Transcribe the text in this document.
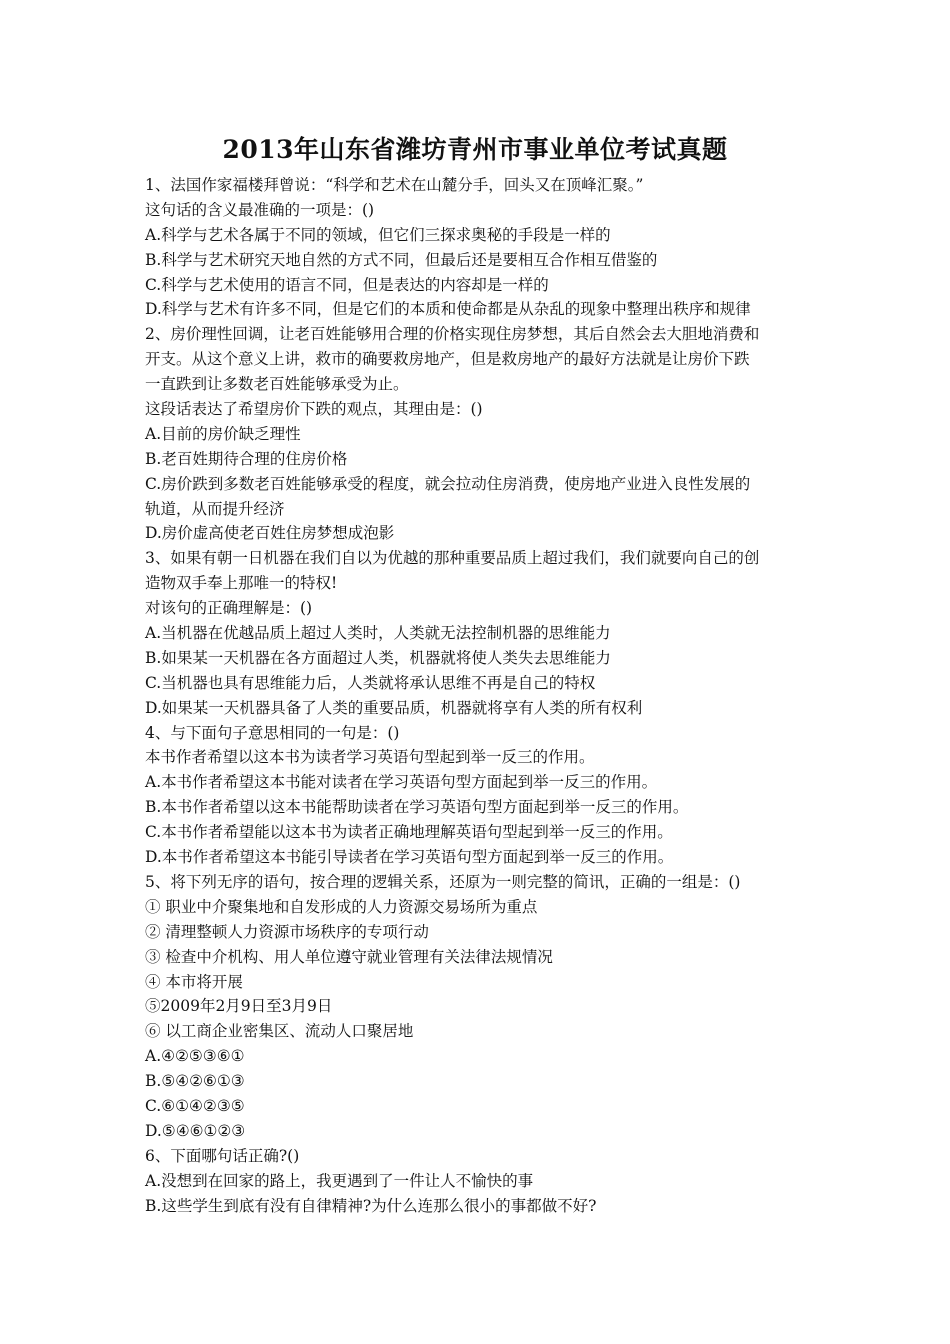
2013年山东省潍坊青州市事业单位考试真题
1、法国作家福楼拜曾说：“科学和艺术在山麓分手，回头又在顶峰汇聚。”
这句话的含义最准确的一项是：()
A.科学与艺术各属于不同的领域，但它们三探求奥秘的手段是一样的
B.科学与艺术研究天地自然的方式不同，但最后还是要相互合作相互借鉴的
C.科学与艺术使用的语言不同，但是表达的内容却是一样的
D.科学与艺术有许多不同，但是它们的本质和使命都是从杂乱的现象中整理出秩序和规律
2、房价理性回调，让老百姓能够用合理的价格实现住房梦想，其后自然会去大胆地消费和
开支。从这个意义上讲，救市的确要救房地产，但是救房地产的最好方法就是让房价下跌
一直跌到让多数老百姓能够承受为止。
这段话表达了希望房价下跌的观点，其理由是：()
A.目前的房价缺乏理性
B.老百姓期待合理的住房价格
C.房价跌到多数老百姓能够承受的程度，就会拉动住房消费，使房地产业进入良性发展的
轨道，从而提升经济
D.房价虚高使老百姓住房梦想成泡影
3、如果有朝一日机器在我们自以为优越的那种重要品质上超过我们，我们就要向自己的创
造物双手奉上那唯一的特权!
对该句的正确理解是：()
A.当机器在优越品质上超过人类时，人类就无法控制机器的思维能力
B.如果某一天机器在各方面超过人类，机器就将使人类失去思维能力
C.当机器也具有思维能力后，人类就将承认思维不再是自己的特权
D.如果某一天机器具备了人类的重要品质，机器就将享有人类的所有权利
4、与下面句子意思相同的一句是：()
本书作者希望以这本书为读者学习英语句型起到举一反三的作用。
A.本书作者希望这本书能对读者在学习英语句型方面起到举一反三的作用。
B.本书作者希望以这本书能帮助读者在学习英语句型方面起到举一反三的作用。
C.本书作者希望能以这本书为读者正确地理解英语句型起到举一反三的作用。
D.本书作者希望这本书能引导读者在学习英语句型方面起到举一反三的作用。
5、将下列无序的语句，按合理的逻辑关系，还原为一则完整的简讯，正确的一组是：()
① 职业中介聚集地和自发形成的人力资源交易场所为重点
② 清理整顿人力资源市场秩序的专项行动
③ 检查中介机构、用人单位遵守就业管理有关法律法规情况
④ 本市将开展
⑤2009年2月9日至3月9日
⑥ 以工商企业密集区、流动人口聚居地
A.④②⑤③⑥①
B.⑤④②⑥①③
C.⑥①④②③⑤
D.⑤④⑥①②③
6、下面哪句话正确?()
A.没想到在回家的路上，我更遇到了一件让人不愉快的事
B.这些学生到底有没有自律精神?为什么连那么很小的事都做不好?
